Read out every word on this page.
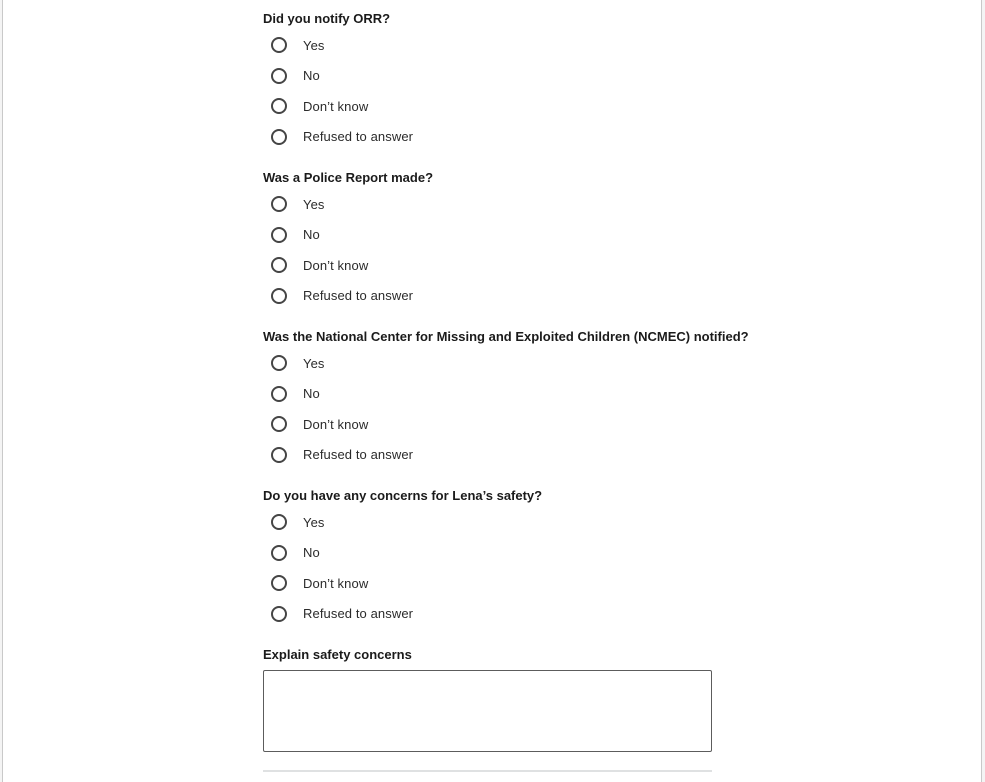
Did you notify ORR?
Yes
No
Don’t know
Refused to answer
Was a Police Report made?
Yes
No
Don’t know
Refused to answer
Was the National Center for Missing and Exploited Children (NCMEC) notified?
Yes
No
Don’t know
Refused to answer
Do you have any concerns for Lena’s safety?
Yes
No
Don’t know
Refused to answer
Explain safety concerns
